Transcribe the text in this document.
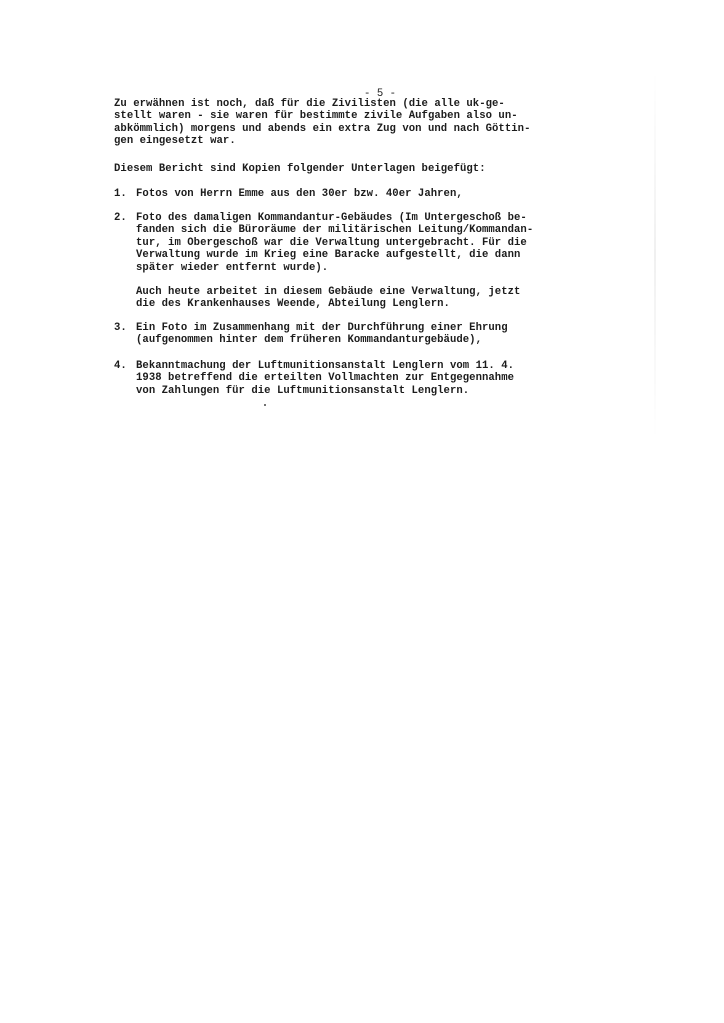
- 5 -
Zu erwähnen ist noch, daß für die Zivilisten (die alle uk-ge-
stellt waren - sie waren für bestimmte zivile Aufgaben also un-
abkömmlich) morgens und abends ein extra Zug von und nach Göttin-
gen eingesetzt war.
Diesem Bericht sind Kopien folgender Unterlagen beigefügt:
1. Fotos von Herrn Emme aus den 30er bzw. 40er Jahren,
2. Foto des damaligen Kommandantur-Gebäudes (Im Untergeschoß be-
fanden sich die Büroräume der militärischen Leitung/Kommandan-
tur, im Obergeschoß war die Verwaltung untergebracht. Für die
Verwaltung wurde im Krieg eine Baracke aufgestellt, die dann
später wieder entfernt wurde).
Auch heute arbeitet in diesem Gebäude eine Verwaltung, jetzt
die des Krankenhauses Weende, Abteilung Lenglern.
3. Ein Foto im Zusammenhang mit der Durchführung einer Ehrung
(aufgenommen hinter dem früheren Kommandanturgebäude),
4. Bekanntmachung der Luftmunitionsanstalt Lenglern vom 11. 4.
1938 betreffend die erteilten Vollmachten zur Entgegennahme
von Zahlungen für die Luftmunitionsanstalt Lenglern.
